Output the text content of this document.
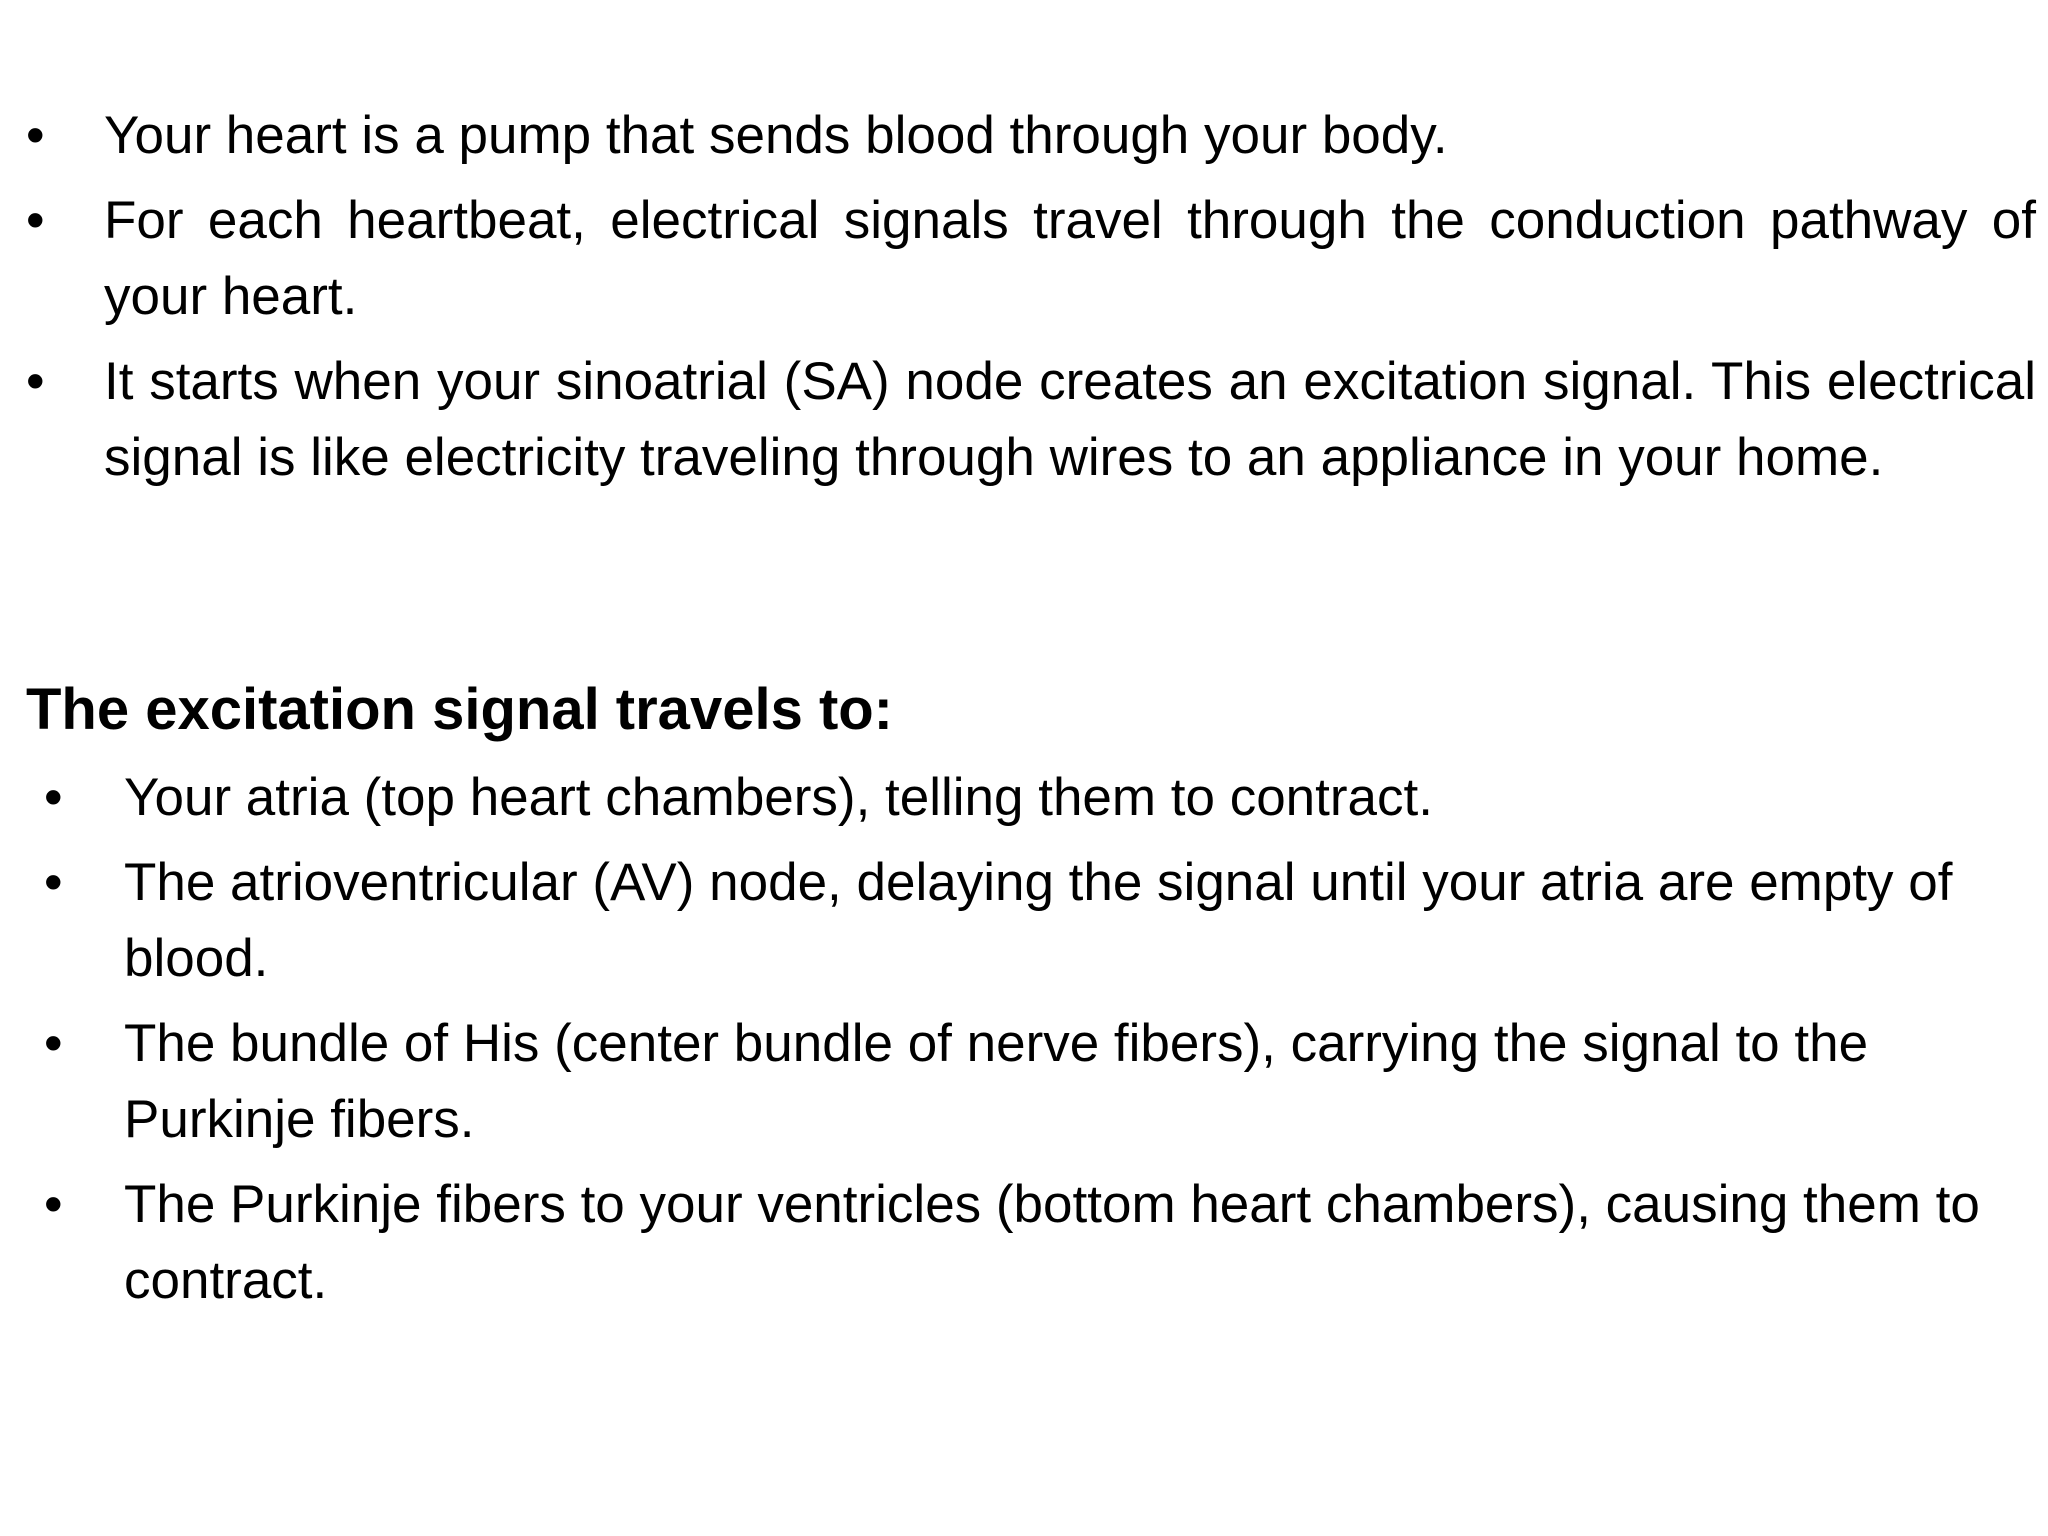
• Your heart is a pump that sends blood through your body.
• For each heartbeat, electrical signals travel through the conduction pathway of your heart.
• It starts when your sinoatrial (SA) node creates an excitation signal. This electrical signal is like electricity traveling through wires to an appliance in your home.
The excitation signal travels to:
• Your atria (top heart chambers), telling them to contract.
• The atrioventricular (AV) node, delaying the signal until your atria are empty of blood.
• The bundle of His (center bundle of nerve fibers), carrying the signal to the Purkinje fibers.
• The Purkinje fibers to your ventricles (bottom heart chambers), causing them to contract.
